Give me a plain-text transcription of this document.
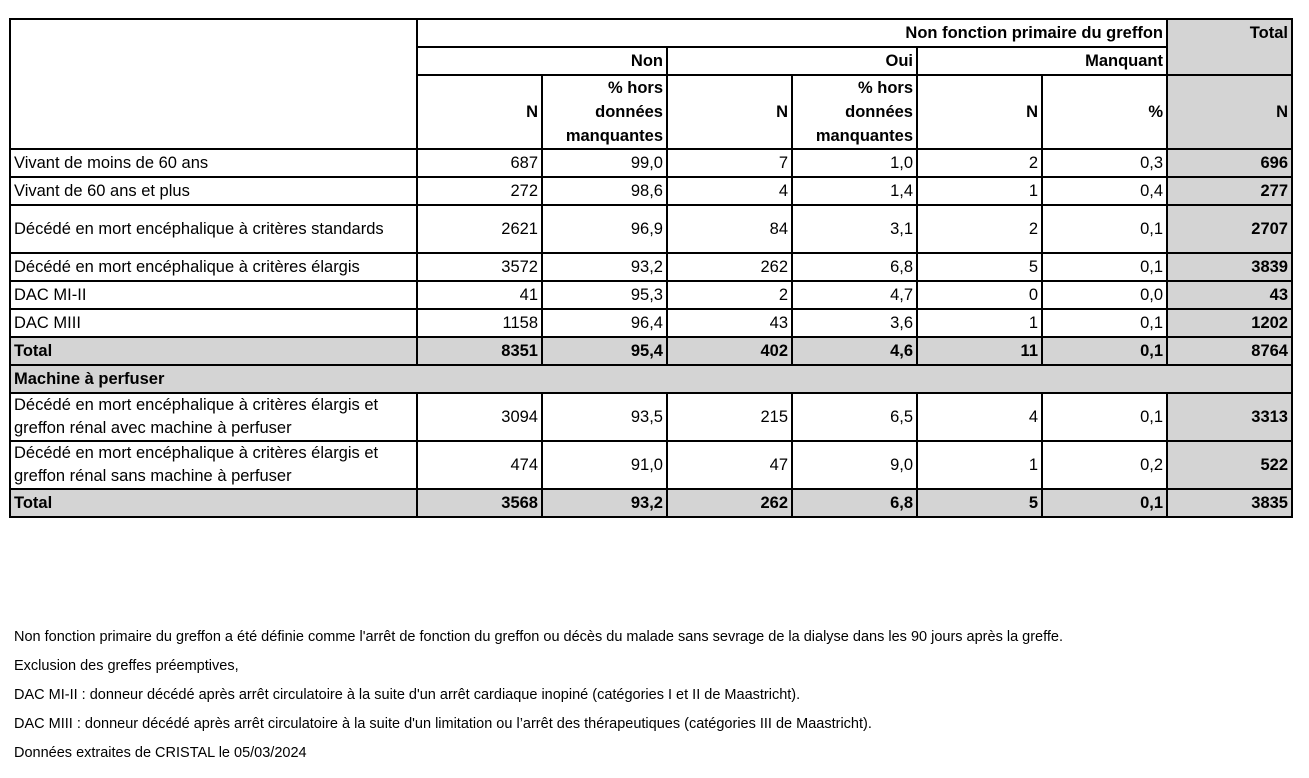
	Non fonction primaire du greffon						Total
	Non		Oui		Manquant		
	N	% hors données manquantes	N	% hors données manquantes	N	%	N
Vivant de moins de 60 ans	687	99,0	7	1,0	2	0,3	696
Vivant de 60 ans et plus	272	98,6	4	1,4	1	0,4	277
Décédé en mort encéphalique à critères standards	2621	96,9	84	3,1	2	0,1	2707
Décédé en mort encéphalique à critères élargis	3572	93,2	262	6,8	5	0,1	3839
DAC MI-II	41	95,3	2	4,7	0	0,0	43
DAC MIII	1158	96,4	43	3,6	1	0,1	1202
Total	8351	95,4	402	4,6	11	0,1	8764
Machine à perfuser							
Décédé en mort encéphalique à critères élargis et greffon rénal avec machine à perfuser	3094	93,5	215	6,5	4	0,1	3313
Décédé en mort encéphalique à critères élargis et greffon rénal sans machine à perfuser	474	91,0	47	9,0	1	0,2	522
Total	3568	93,2	262	6,8	5	0,1	3835
Non fonction primaire du greffon a été définie comme l'arrêt de fonction du greffon ou décès du malade sans sevrage de la dialyse dans les 90 jours après la greffe.
Exclusion des greffes préemptives,
DAC MI-II : donneur décédé après arrêt circulatoire à la suite d'un arrêt cardiaque inopiné (catégories I et II de Maastricht).
DAC MIII : donneur décédé après arrêt circulatoire à la suite d'un limitation ou l’arrêt des thérapeutiques (catégories III de Maastricht).
Données extraites de CRISTAL le 05/03/2024
